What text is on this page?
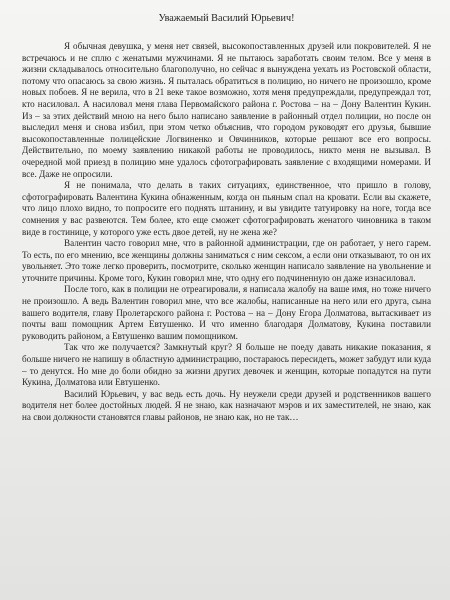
Уважаемый Василий Юрьевич!

Я обычная девушка, у меня нет связей, высокопоставленных друзей или покровителей. Я не встречаюсь и не сплю с женатыми мужчинами. Я не пытаюсь заработать своим телом. Все у меня в жизни складывалось относительно благополучно, но сейчас я вынуждена уехать из Ростовской области, потому что опасаюсь за свою жизнь. Я пыталась обратиться в полицию, но ничего не произошло, кроме новых побоев. Я не верила, что в 21 веке такое возможно, хотя меня предупреждали, предупреждал тот, кто насиловал. А насиловал меня глава Первомайского района г. Ростова – на – Дону Валентин Кукин. Из – за этих действий мною на него было написано заявление в районный отдел полиции, но после он выследил меня и снова избил, при этом четко объяснив, что городом руководят его друзья, бывшие высокопоставленные полицейские Логвиненко и Овчинников, которые решают все его вопросы. Действительно, по моему заявлению никакой работы не проводилось, никто меня не вызывал. В очередной мой приезд в полицию мне удалось сфотографировать заявление с входящими номерами. И все. Даже не опросили.

Я не понимала, что делать в таких ситуациях, единственное, что пришло в голову, сфотографировать Валентина Кукина обнаженным, когда он пьяным спал на кровати. Если вы скажете, что лицо плохо видно, то попросите его поднять штанину, и вы увидите татуировку на ноге, тогда все сомнения у вас развеются. Тем более, кто еще сможет сфотографировать женатого чиновника в таком виде в гостинице, у которого уже есть двое детей, ну не жена же?

Валентин часто говорил мне, что в районной администрации, где он работает, у него гарем. То есть, по его мнению, все женщины должны заниматься с ним сексом, а если они отказывают, то он их увольняет. Это тоже легко проверить, посмотрите, сколько женщин написало заявление на увольнение и уточните причины. Кроме того, Кукин говорил мне, что одну его подчиненную он даже изнасиловал.

После того, как в полиции не отреагировали, я написала жалобу на ваше имя, но тоже ничего не произошло. А ведь Валентин говорил мне, что все жалобы, написанные на него или его друга, сына вашего водителя, главу Пролетарского района г. Ростова – на – Дону Егора Долматова, вытаскивает из почты ваш помощник Артем Евтушенко. И что именно благодаря Долматову, Кукина поставили руководить районом, а Евтушенко вашим помощником.

Так что же получается? Замкнутый круг? Я больше не поеду давать никакие показания, я больше ничего не напишу в областную администрацию, постараюсь пересидеть, может забудут или куда – то денутся. Но мне до боли обидно за жизни других девочек и женщин, которые попадутся на пути Кукина, Долматова или Евтушенко.

Василий Юрьевич, у вас ведь есть дочь. Ну неужели среди друзей и родственников вашего водителя нет более достойных людей. Я не знаю, как назначают мэров и их заместителей, не знаю, как на свои должности становятся главы районов, не знаю как, но не так…
